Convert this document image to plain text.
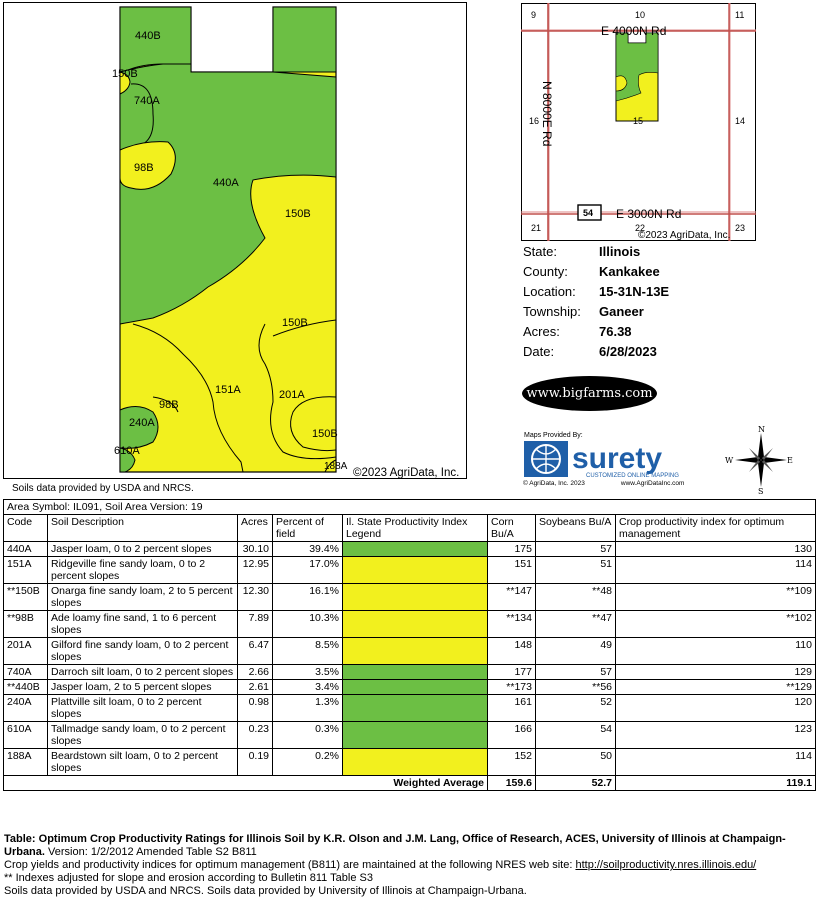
440B
150B
740A
98B
440A
150B
150B
151A	201A
98B
240A
610A
150B
188A
©2023 AgriData, Inc.
Soils data provided by USDA and NRCS.
9	10	11
16	14
15
21	22	23
E 4000N Rd
N 8000E Rd
E 3000N Rd
54
©2023 AgriData, Inc.
State:	Illinois
County: Kankakee
Location: 15-31N-13E
Township: Ganeer
Acres:	76.38
Date:	6/28/2023
www.bigfarms.com
Maps Provided By:
surety
CUSTOMIZED ONLINE MAPPING
© AgriData, Inc. 2023	www.AgriDataInc.com
N
S
W	E
Area Symbol: IL091, Soil Area Version: 19							
Code	Soil Description	Acres	Percent of field	Il. State Productivity Index Legend	Corn Bu/A	Soybeans Bu/A	Crop productivity index for optimum management
440A	Jasper loam, 0 to 2 percent slopes	30.10	39.4%		175	57	130
151A	Ridgeville fine sandy loam, 0 to 2 percent slopes	12.95	17.0%		151	51	114
**150B	Onarga fine sandy loam, 2 to 5 percent slopes	12.30	16.1%		**147	**48	**109
**98B	Ade loamy fine sand, 1 to 6 percent slopes	7.89	10.3%		**134	**47	**102
201A	Gilford fine sandy loam, 0 to 2 percent slopes	6.47	8.5%		148	49	110
740A	Darroch silt loam, 0 to 2 percent slopes	2.66	3.5%		177	57	129
**440B	Jasper loam, 2 to 5 percent slopes	2.61	3.4%		**173	**56	**129
240A	Plattville silt loam, 0 to 2 percent slopes	0.98	1.3%		161	52	120
610A	Tallmadge sandy loam, 0 to 2 percent slopes	0.23	0.3%		166	54	123
188A	Beardstown silt loam, 0 to 2 percent slopes	0.19	0.2%		152	50	114
Weighted Average					159.6	52.7	119.1
Table: Optimum Crop Productivity Ratings for Illinois Soil by K.R. Olson and J.M. Lang, Office of Research, ACES, University of Illinois at Champaign-Urbana. Version: 1/2/2012 Amended Table S2 B811
Crop yields and productivity indices for optimum management (B811) are maintained at the following NRES web site: http://soilproductivity.nres.illinois.edu/
** Indexes adjusted for slope and erosion according to Bulletin 811 Table S3
Soils data provided by USDA and NRCS. Soils data provided by University of Illinois at Champaign-Urbana.
